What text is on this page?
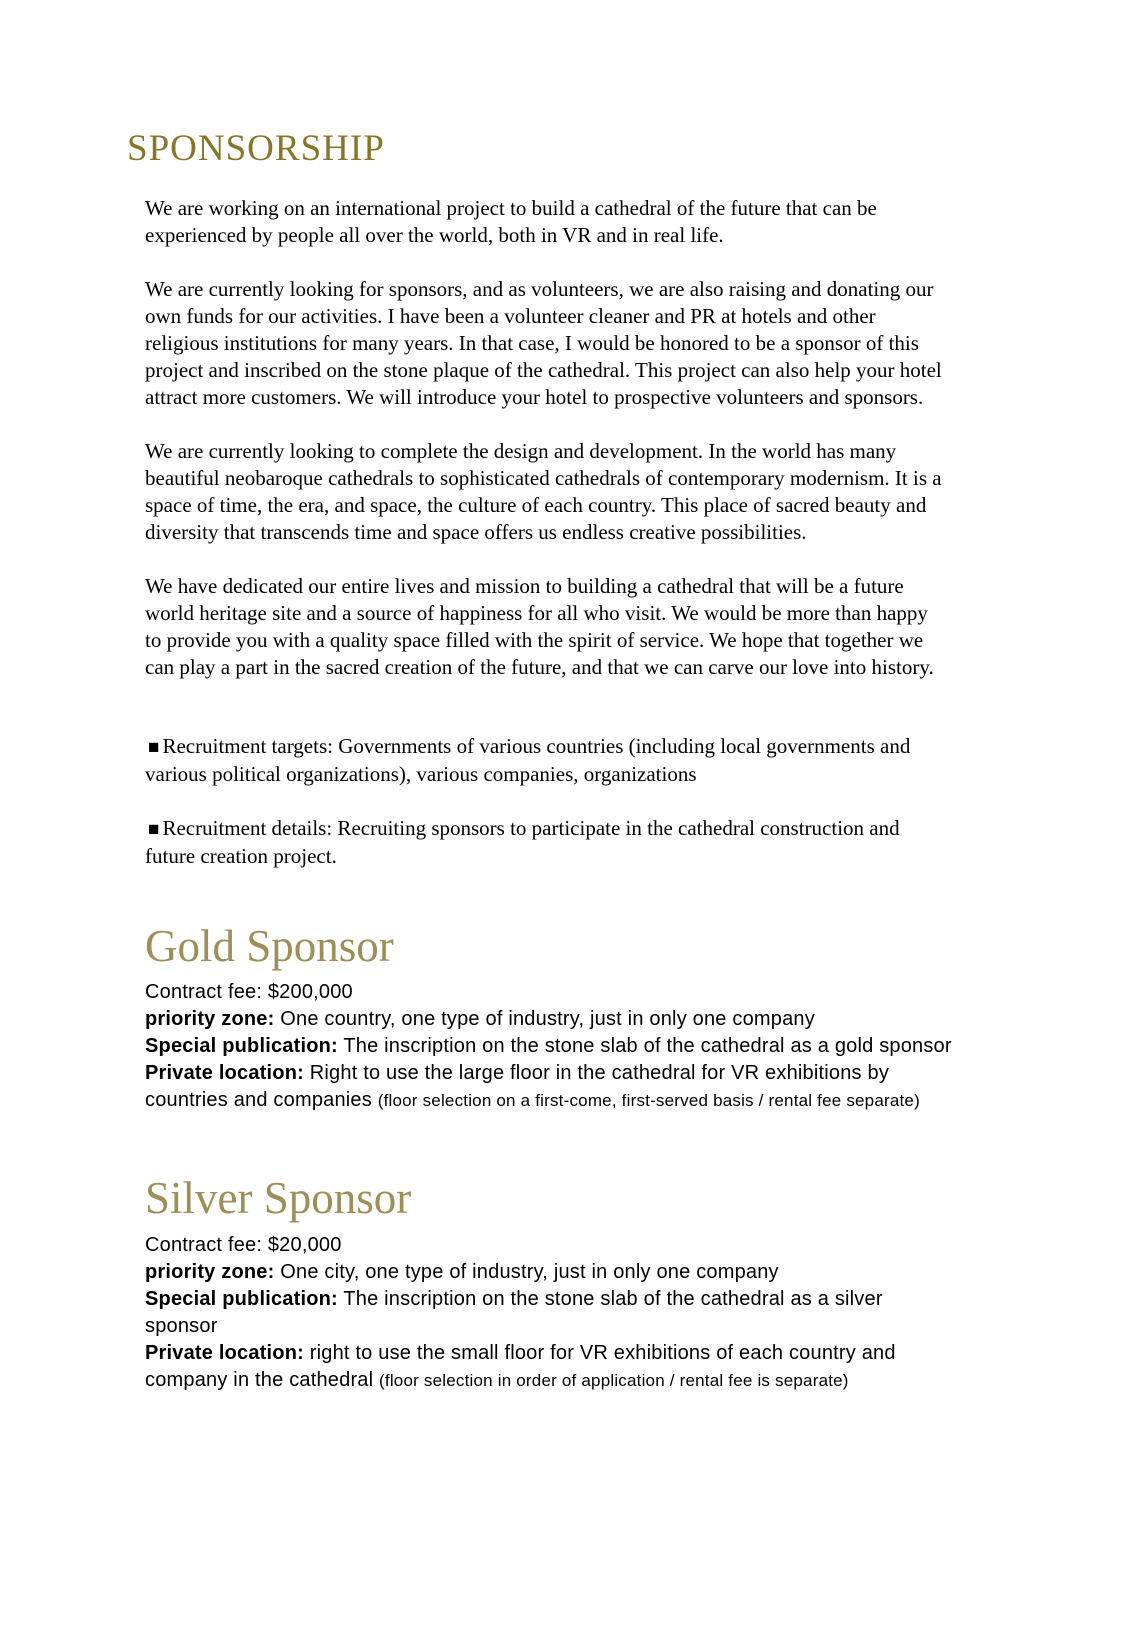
SPONSORSHIP

We are working on an international project to build a cathedral of the future that can be experienced by people all over the world, both in VR and in real life.

We are currently looking for sponsors, and as volunteers, we are also raising and donating our own funds for our activities. I have been a volunteer cleaner and PR at hotels and other religious institutions for many years. In that case, I would be honored to be a sponsor of this project and inscribed on the stone plaque of the cathedral. This project can also help your hotel attract more customers. We will introduce your hotel to prospective volunteers and sponsors.

We are currently looking to complete the design and development. In the world has many beautiful neobaroque cathedrals to sophisticated cathedrals of contemporary modernism. It is a space of time, the era, and space, the culture of each country. This place of sacred beauty and diversity that transcends time and space offers us endless creative possibilities.

We have dedicated our entire lives and mission to building a cathedral that will be a future world heritage site and a source of happiness for all who visit. We would be more than happy to provide you with a quality space filled with the spirit of service. We hope that together we can play a part in the sacred creation of the future, and that we can carve our love into history.

■ Recruitment targets: Governments of various countries (including local governments and various political organizations), various companies, organizations

■ Recruitment details: Recruiting sponsors to participate in the cathedral construction and future creation project.

Gold Sponsor

Contract fee: $200,000

priority zone: One country, one type of industry, just in only one company

Special publication: The inscription on the stone slab of the cathedral as a gold sponsor

Private location: Right to use the large floor in the cathedral for VR exhibitions by countries and companies (floor selection on a first-come, first-served basis / rental fee separate)

Silver Sponsor

Contract fee: $20,000

priority zone: One city, one type of industry, just in only one company

Special publication: The inscription on the stone slab of the cathedral as a silver sponsor

Private location: right to use the small floor for VR exhibitions of each country and company in the cathedral (floor selection in order of application / rental fee is separate)
